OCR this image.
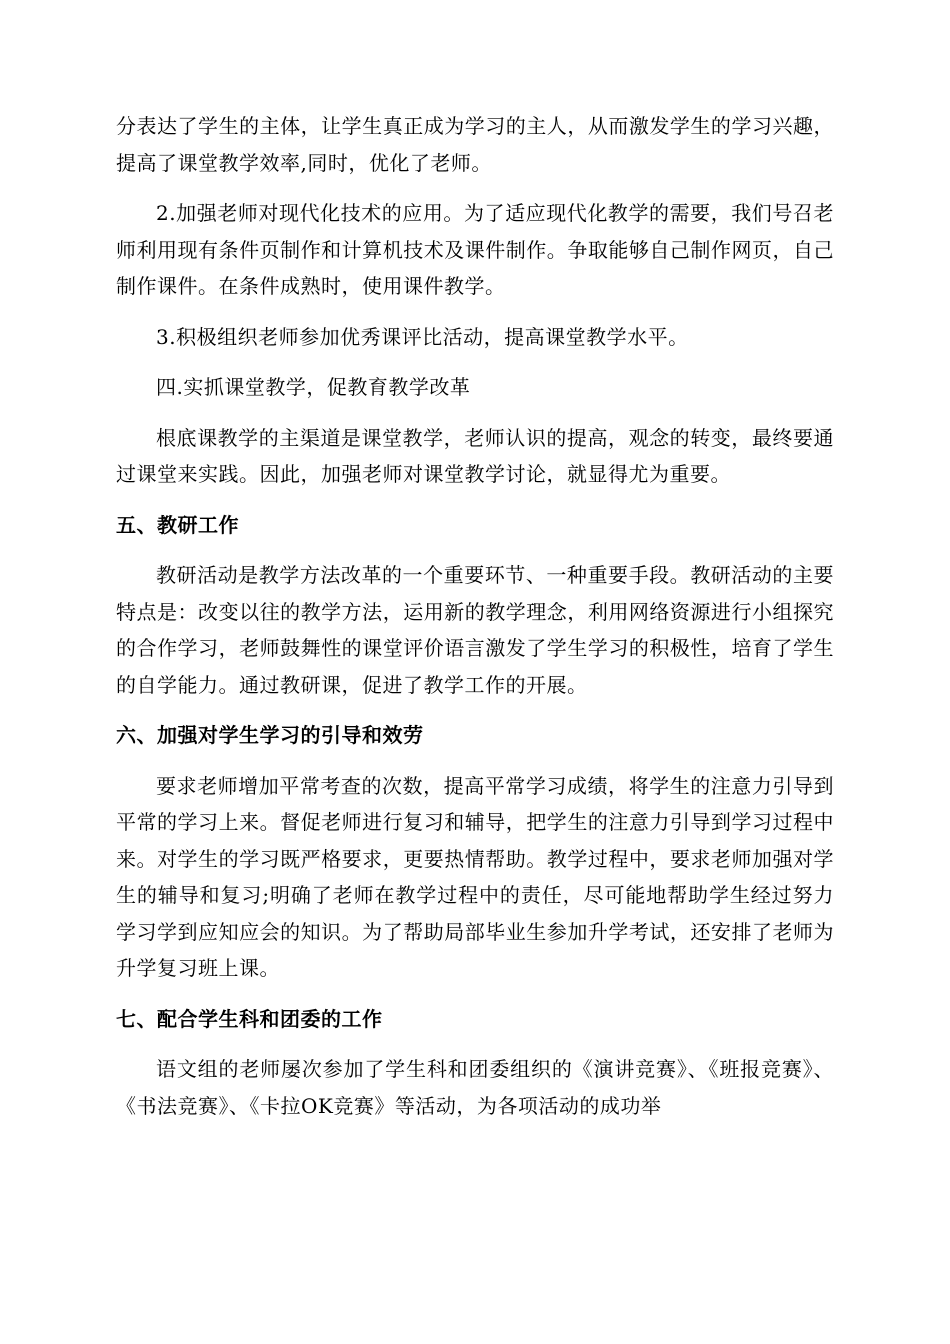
分表达了学生的主体，让学生真正成为学习的主人，从而激发学生的学习兴趣，提高了课堂教学效率,同时，优化了老师。

2.加强老师对现代化技术的应用。为了适应现代化教学的需要，我们号召老师利用现有条件页制作和计算机技术及课件制作。争取能够自己制作网页，自己制作课件。在条件成熟时，使用课件教学。

3.积极组织老师参加优秀课评比活动，提高课堂教学水平。

四.实抓课堂教学，促教育教学改革

根底课教学的主渠道是课堂教学，老师认识的提高，观念的转变，最终要通过课堂来实践。因此，加强老师对课堂教学讨论，就显得尤为重要。

五、教研工作

教研活动是教学方法改革的一个重要环节、一种重要手段。教研活动的主要特点是：改变以往的教学方法，运用新的教学理念，利用网络资源进行小组探究的合作学习，老师鼓舞性的课堂评价语言激发了学生学习的积极性，培育了学生的自学能力。通过教研课，促进了教学工作的开展。

六、加强对学生学习的引导和效劳

要求老师增加平常考查的次数，提高平常学习成绩，将学生的注意力引导到平常的学习上来。督促老师进行复习和辅导，把学生的注意力引导到学习过程中来。对学生的学习既严格要求，更要热情帮助。教学过程中，要求老师加强对学生的辅导和复习;明确了老师在教学过程中的责任，尽可能地帮助学生经过努力学习学到应知应会的知识。为了帮助局部毕业生参加升学考试，还安排了老师为升学复习班上课。

七、配合学生科和团委的工作

语文组的老师屡次参加了学生科和团委组织的《演讲竞赛》、《班报竞赛》、《书法竞赛》、《卡拉OK竞赛》等活动，为各项活动的成功举
